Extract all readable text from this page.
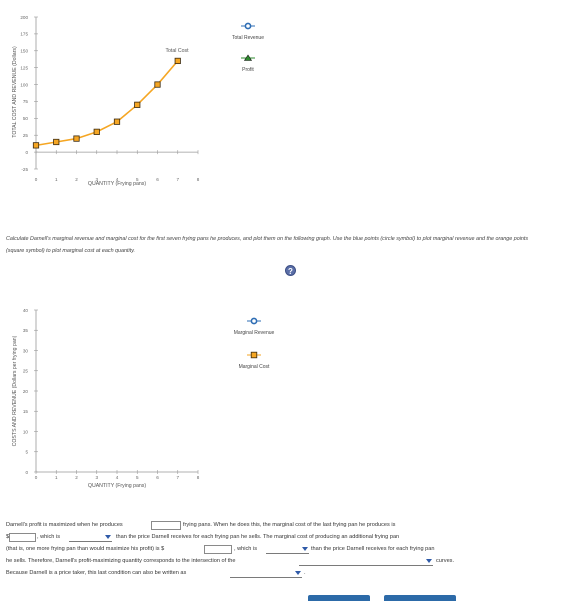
-25
0
25
50
75
100
125
150
175
200
0	1	2	3	4	5	6	7	8
TOTAL COST AND REVENUE (Dollars)
QUANTITY (Frying pans)
Total Cost
Total Revenue
Profit
Calculate Darnell's marginal revenue and marginal cost for the first seven frying pans he produces, and plot them on the following graph. Use the blue points (circle symbol) to plot marginal revenue and the orange points (square symbol) to plot marginal cost at each quantity.
?
0
5
10
15
20
25
30
35
40
0	1	2	3	4	5	6	7	8
COSTS AND REVENUE (Dollars per frying pan)
QUANTITY (Frying pans)
Marginal Revenue
Marginal Cost
Darnell's profit is maximized when he produces	frying pans. When he does this, the marginal cost of the last frying pan he produces is
$	, which is	than the price Darnell receives for each frying pan he sells. The marginal cost of producing an additional frying pan
(that is, one more frying pan than would maximize his profit) is $	, which is	than the price Darnell receives for each frying pan
he sells. Therefore, Darnell's profit-maximizing quantity corresponds to the intersection of the	curves.
Because Darnell is a price taker, this last condition can also be written as	.
